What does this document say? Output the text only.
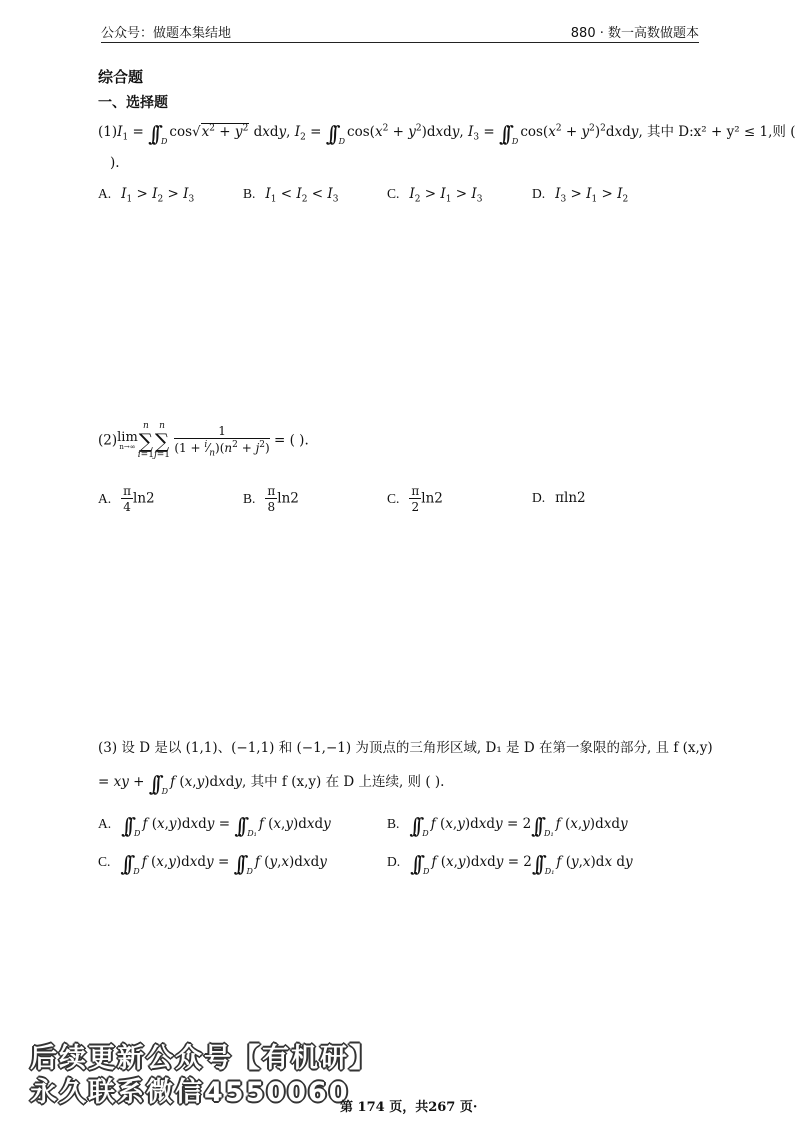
公众号：做题本集结地	880 · 数一高数做题本
综合题
一、选择题
$(1)I_1$ = ∫∫ $_D\cos√x^2 + y^2$ dxdy, $I_2$ = ∫∫ $_D\cos(x^2$ + $y^2)dxdy$, $I_3$ = ∫∫ $_D\cos(x^2$ + $y^2)^2dxdy$, 其中 D:x² + y² ≤ 1,则 (
).
A. $I_1 > I_2 > I_3$	B. $I_1 < I_2 < I_3$	C. $I_2 > I_1 > I_3$	D. $I_3 > I_1 > I_2$
(2) lim
n→∞
n
∑
i=1
n
∑
j=1
$\frac{1}{(1 + ^i⁄_n)(n^2 + j^2)}$ = ( ).
A. $\frac{\pi}{4} \ln 2$	B. $\frac{\pi}{8} \ln 2$	C. $\frac{\pi}{2} \ln 2$	D. πln2
(3) 设 D 是以 (1,1)、(−1,1) 和 (−1,−1) 为顶点的三角形区域, D₁ 是 D 在第一象限的部分, 且 f (x,y)
= xy + ∫∫ $_D$f (x,y)dxdy, 其中 f (x,y) 在 D 上连续, 则 ( ).
A. ∫∫ $_D$f (x,y)dxdy = ∫∫ $_{D_1}$f (x,y)dxdy	B. ∫∫ $_D$f (x,y)dxdy = 2∫∫ $_{D_1}$f (x,y)dxdy
C. ∫∫ $_D$f (x,y)dxdy = ∫∫ $_D$f (y,x)dxdy	D. ∫∫ $_D$f (x,y)dxdy = 2∫∫ $_{D_1}$f (y,x)dx dy
后续更新公众号【有机研】
永久联系微信4550060
第 174 页，共267 页·
